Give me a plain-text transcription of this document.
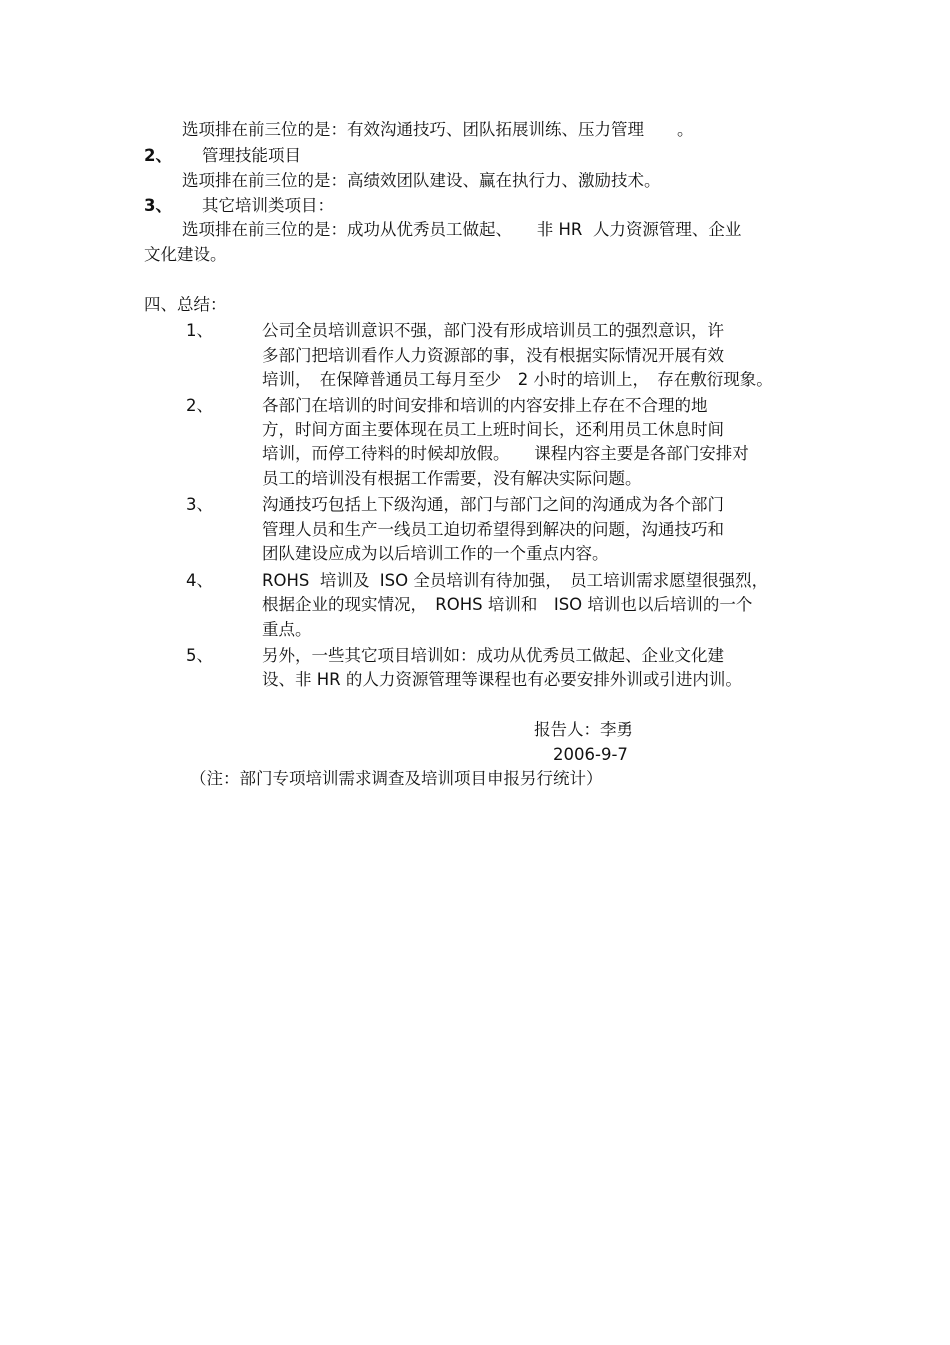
选项排在前三位的是：有效沟通技巧、团队拓展训练、压力管理　　。
2、 管理技能项目
选项排在前三位的是：高绩效团队建设、赢在执行力、激励技术。
3、 其它培训类项目：
选项排在前三位的是：成功从优秀员工做起、　　非 HR  人力资源管理、企业
文化建设。
四、总结：
1、	公司全员培训意识不强，部门没有形成培训员工的强烈意识，许
多部门把培训看作人力资源部的事，没有根据实际情况开展有效
培训，　在保障普通员工每月至少　2 小时的培训上，　存在敷衍现象。
2、	各部门在培训的时间安排和培训的内容安排上存在不合理的地
方，时间方面主要体现在员工上班时间长，还利用员工休息时间
培训，而停工待料的时候却放假。　　课程内容主要是各部门安排对
员工的培训没有根据工作需要，没有解决实际问题。
3、	沟通技巧包括上下级沟通，部门与部门之间的沟通成为各个部门
管理人员和生产一线员工迫切希望得到解决的问题，沟通技巧和
团队建设应成为以后培训工作的一个重点内容。
4、	ROHS  培训及  ISO 全员培训有待加强，　员工培训需求愿望很强烈，
根据企业的现实情况，　ROHS 培训和　ISO 培训也以后培训的一个
重点。
5、	另外，一些其它项目培训如：成功从优秀员工做起、企业文化建
设、非 HR 的人力资源管理等课程也有必要安排外训或引进内训。
报告人：李勇
2006-9-7
（注：部门专项培训需求调查及培训项目申报另行统计）
